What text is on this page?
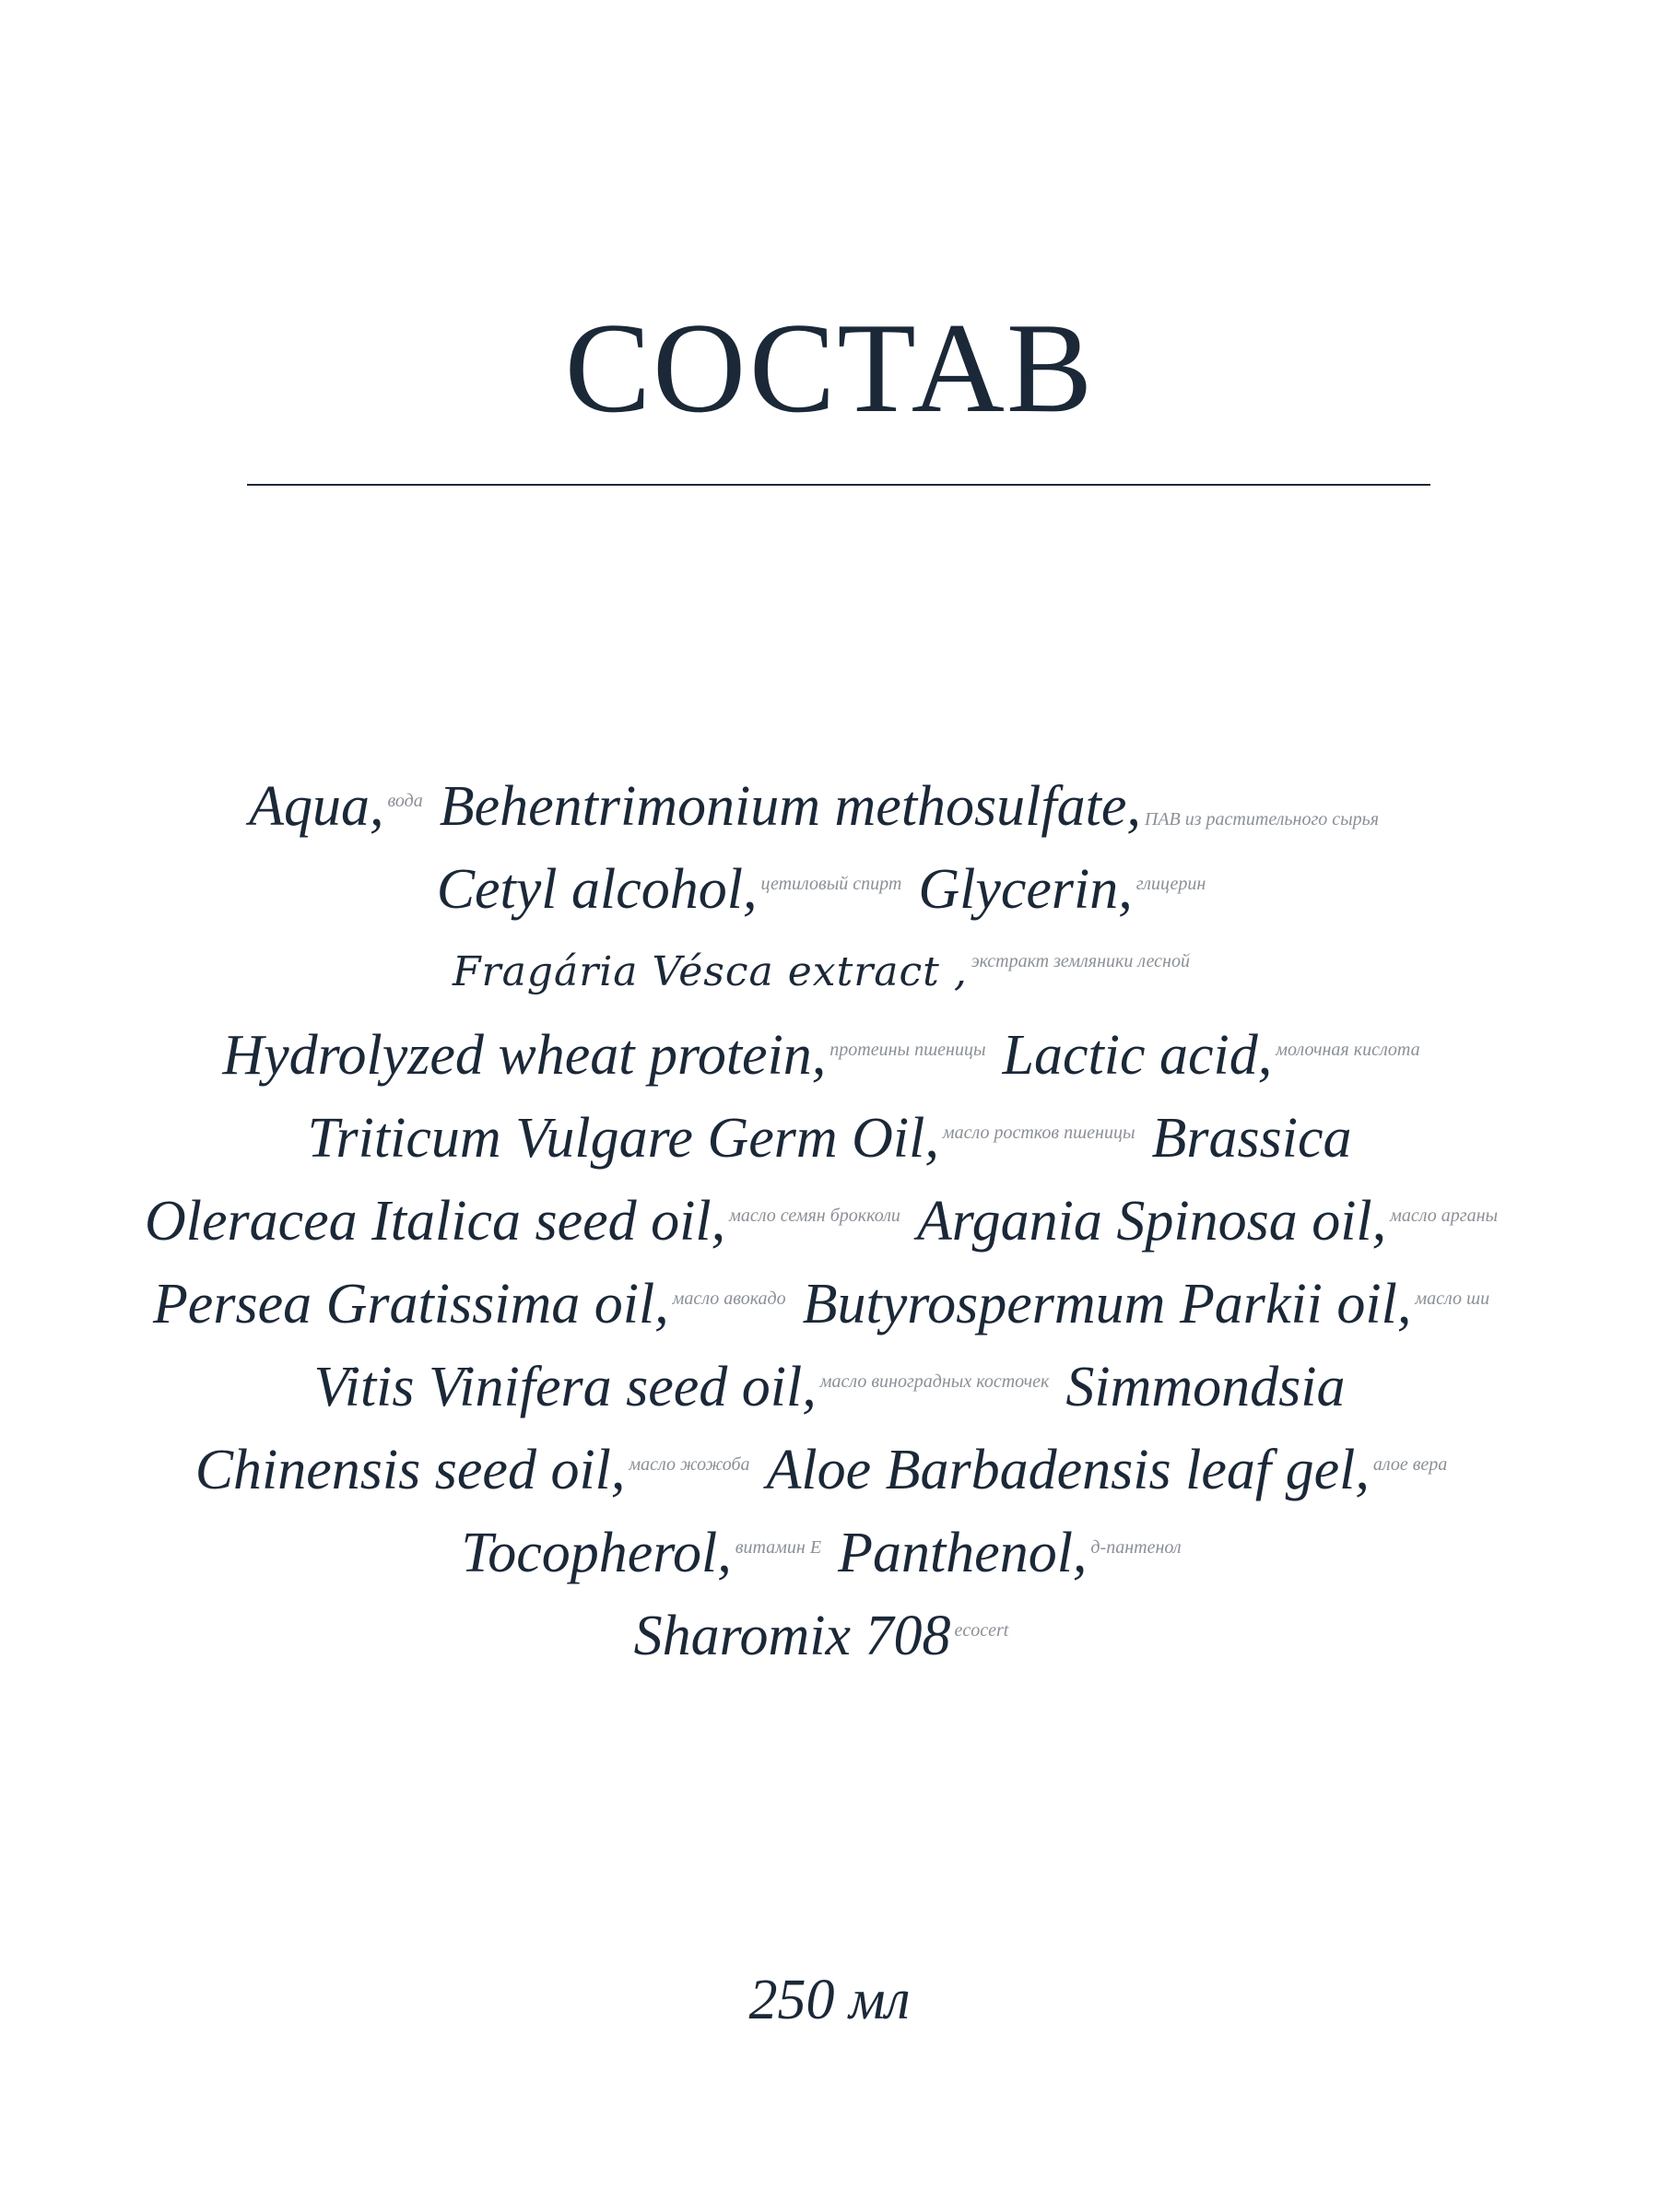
СОСТАВ
Aqua, вода Behentrimonium methosulfate, ПАВ из растительного сырья
Cetyl alcohol, цетиловый спирт Glycerin, глицерин
Fragária Vésca extract , экстракт земляники лесной
Hydrolyzed wheat protein, протеины пшеницы Lactic acid, молочная кислота
Triticum Vulgare Germ Oil, масло ростков пшеницы Brassica
Oleracea Italica seed oil, масло семян брокколи Argania Spinosa oil, масло арганы
Persea Gratissima oil, масло авокадо Butyrospermum Parkii oil, масло ши
Vitis Vinifera seed oil, масло виноградных косточек Simmondsia
Chinensis seed oil, масло жожоба Aloe Barbadensis leaf gel, алое вера
Tocopherol, витамин Е Panthenol, д-пантенол
Sharomix 708 ecocert
250 мл
